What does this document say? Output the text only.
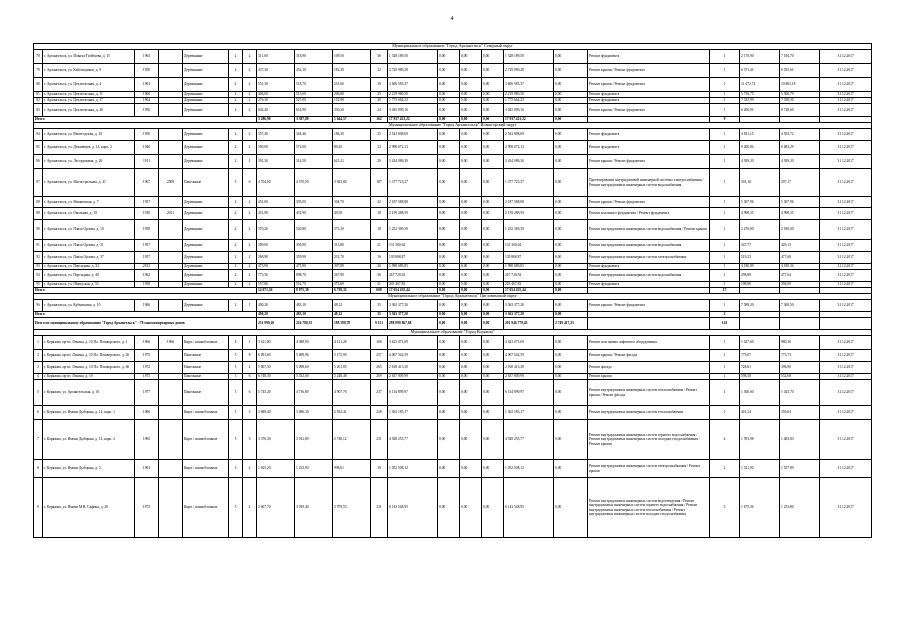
4
Муниципальное образование "Город Архангельск" Северный округ																					
78	г. Архангельск, ул. Ильича/Гуайтьева, д. 15	1963		Деревянные	2	2	311,00	318,90	109,50	36	1 328 189,50	0,00	0,00	0,00	1 328 189,50	0,00	Ремонт фундамента	1	2 170,90	7 184,70	31.12.2017
79	г. Архангельск, ул. Кабельщиков, д. 9	1950		Деревянные	2	2	437,30	452,10	182,30	22	2 729 989,28	0,00	0,00	0,00	2 729 989,28	0,00	Ремонт крыши / Ремонт фундамента	1	6 371,41	6 035,61	31.12.2017
80	г. Архангельск, ул. Целлюлозная, д. 4	1963		Деревянные	2	2	551,30	518,70	231,60	19	3 606 583,37	0,00	0,00	0,00	3 606 583,37	0,00	Ремонт крыши / Ремонт фундамента	1	11 472,74	10 865,18	31.12.2017
81	г. Архангельск, ул. Целлюлозная, д. 11	1960		Деревянные	2	2	406,60	515,60	206,80	25	2 219 980,50	0,00	0,00	0,00	2 219 980,50	0,00	Ремонт фундамента	1	5 736,75	5 306,79	31.12.2017
82	г. Архангельск, ул. Целлюлозная, д. 17	1964		Деревянные	2	2	276,30	527,00	152,80	20	1 775 664,23	0,00	0,00	0,00	1 775 664,23	0,00	Ремонт фундамента	1	7 335,99	7 358,30	31.12.2017
83	г. Архангельск, ул. Целлюлозная, д. 26	1956		Деревянные	2	2	602,40	614,90	330,20	24	3 045 099,16	0,00	0,00	0,00	3 045 099,16	0,00	Ремонт крыши / Ремонт фундамента	1	6 200,01	8 728,60	31.12.2017
Итого							3 286,90	3 387,80	1 644,57	162	17 937 421,22	0,00	0,00	0,00	17 937 421,22	0,00		9			
Муниципальное образование "Город Архангельск" Исакогорский округ																					
84	г. Архангельск, ул. Вычегодская, д. 18	1950		Деревянные	2	2	357,40	344,46	186,30	25	2 543 808,69	0,00	0,00	0,00	2 543 808,69	0,00	Ремонт фундамента	1	4 821,15	4 593,72	31.12.2017
85	г. Архангельск, ул. Дежнёвцев, д. 14, корп. 2	1940		Деревянные	2	2	590,00	572,00	89,20	23	2 998 072,13	0,00	0,00	0,00	2 998 072,13	0,00	Ремонт фундамента	1	9 200,84	6 683,29	31.12.2017
86	г. Архангельск, ул. Лесорумовая, д. 26	1911		Деревянные	2	1	391,30	314,50	621,21	20	3 434 086,30	0,00	0,00	0,00	3 434 086,30	0,00	Ремонт крыши / Ремонт фундамента	1	4 939,20	4 939,20	31.12.2017
87	г. Архангельск, ул. Магистральная, д. 41	1967	2009	Панельные	5	6	4 704,00	4 370,50	3 943,80	187	1 377 723,37	0,00	0,00	0,00	1 377 723,37	0,00	Проектирование внутридомовой инженерной системы электроснабжения / Ремонт внутридомовых инженерных систем водоснабжения	1	301,16	297,17	31.12.2017
88	г. Архангельск, ул. Маяковская, д. 7	1957		Деревянные	2	2	431,00	395,00	304,70	32	2 187 588,88	0,00	0,00	0,00	2 187 588,88	0,00	Ремонт крыши / Ремонт фундамента	1	5 307,96	5 307,96	31.12.2017
89	г. Архангельск, ул. Окольная, д. 19	1916	2011	Деревянные	2	2	431,98	431,90	49,50	18	2 159 288,59	0,00	0,00	0,00	2 159 288,59	0,00	Ремонт колонного фундамента / Ремонт фундамента	1	4 998,35	4 998,35	31.12.2017
90	г. Архангельск, ул. Павла Орлова, д. 10	1958		Деревянные	2	2	370,26	520,80	371,30	18	1 252 369,39	0,00	0,00	0,00	1 252 369,39	0,00	Ремонт внутридомовых инженерных систем водоснабжения / Ремонт крыши	1	2 470,00	2 930,00	31.12.2017
91	г. Архангельск, ул. Павла Орлова, д. 31	1957		Деревянные	2	2	309,00	305,00	313,80	21	131 300,64	0,00	0,00	0,00	131 300,64	0,00	Ремонт внутридомовых инженерных систем водоснабжения	1	347,77	429,13	31.12.2017
92	г. Архангельск, ул. Павла Орлова, д. 37	1957		Деревянные	2	2	268,98	359,98	231,70	16	139 868,87	0,00	0,00	0,00	139 868,87	0,00	Ремонт внутридомовых инженерных систем электроснабжения	1	519,23	477,68	31.12.2017
93	г. Архангельск, ул. Персидная, д. 33	2013		Деревянные	2	2	475,90	475,90	397,89	26	1 998 689,85	0,00	0,00	0,00	1 998 689,85	0,00	Ремонт фундамента	1	4 180,09	4 180,34	31.12.2017
94	г. Архангельск, ул. Персидная, д. 40	1962		Деревянные	2	2	775,56	898,70	267,90	36	267 720,92	0,00	0,00	0,00	267 720,92	0,00	Ремонт внутридомовых инженерных систем водоснабжения	1	298,88	477,64	31.12.2017
95	г. Архангельск, ул. Шмидская, д. 53	1958		Деревянные	2	2	557,86	552,70	373,60	21	203 467,83	0,00	0,00	0,00	203 467,83	0,00	Ремонт фундамента	1	198,06	394,09	31.12.2017
Итого							14 071,36	8 975,30	6 738,35	608	17 654 435,44	0,00	0,00	0,00	17 654 435,44	0,00		17			
Муниципальное образование "Город Архангельск" Цигломенский округ																					
96	г. Архангельск, ул. Кубышкина, д. 10	1966		Деревянные	2	1	490,20	483,10	48,12	35	3 363 377,20	0,00	0,00	0,00	3 363 377,20	0,00	Ремонт крыши / Ремонт фундамента	1	7 589,20	7 369,50	31.12.2017
Итого							490,20	483,10	48,12	35	3 363 377,20	0,00	0,00	0,00	3 363 377,20	0,00		2			
Итого по муниципальному образованию "Город Архангельск" - 78 многоквартирных домов							231 990,20	224 780,55	188 398,78	9 151	288 090 867,68	0,00	0,00	0,00	201 946 779,45	2 749 417,25		143			
Муниципальное образование "Город Коряжма"																					
1	г. Коряжма, пр-кт. Ленина, д. 10 Пл. Пошворского, д. 1	1966	1966	Кирп./ шлакоблочные	4	1	3 611,00	4 388,90	4 121,26	106	3 623 071,69	0,00	0,00	0,00	3 623 071,69	0,00	Ремонт или замена лифтового оборудования	1	1 027,60	980,16	31.12.2017
2	г. Коряжма, пр-кт. Ленина, д. 10 Пл. Пошворского, д. 26	1975		Панельные	5	8	6 091,60	5 489,96	5 173,09	257	4 067 542,59	0,00	0,00	0,00	4 067 542,59	0,00	Ремонт крыши / Ремонт фасада	1	779,87	773,73	31.12.2017
3	г. Коряжма, пр-кт. Ленина, д. 10 Пл. Пошворского, д. 66	1972		Панельные	5	4	5 867,30	5 098,60	5 201,85	265	2 168 413,30	0,00	0,00	0,00	2 168 413,30	0,00	Ремонт фасада	1	728,61	396,90	31.12.2017
4	г. Коряжма, пр-кт. Ленина, д. 19	1975		Панельные	5	6	6 748,30	5 532,00	5 248,48	269	2 637 809,99	0,00	0,00	0,00	2 637 809,99	0,00	Ремонт крыши	1	598,38	532,68	31.12.2017
5	г. Коряжма, ул. Архангельская, д. 16	1977		Панельные	5	6	5 745,20	4 736,80	4 907,76	237	6 134 899,97	0,00	0,00	0,00	6 134 899,97	0,00	Ремонт внутридомовых инженерных систем теплоснабжения / Ремонт крыши / Ремонт фасада	1	1 300,00	1 025,70	31.12.2017
6	г. Коряжма, ул. Имени Дыбцына, д. 14, корп. 1	1966		Кирп./ шлакоблочные	5	3	3 689,40	3 086,30	2 932,41	228	1 362 183,17	0,00	0,00	0,00	1 362 183,17	0,00	Ремонт внутридомовых инженерных систем теплоснабжения	1	441,24	359,64	31.12.2017
7	г. Коряжма, ул. Имени Дыбцына, д. 14, корп. 2	1965		Кирп./ шлакоблочные	5	3	3 376,30	3 012,80	2 748,12	231	4 928 255,77	0,00	0,00	0,00	4 928 255,77	0,00	Ремонт внутридомовых инженерных систем горячего водоснабжения / Ремонт внутридомовых инженерных систем холодного водоснабжения / Ремонт крыши	4	1 593,98	1 483,83	31.12.2017
8	г. Коряжма, ул. Имени Дыбцына, д. 5	1963		Кирп./ шлакоблочные	3	2	1 625,20	1 233,90	998,61	19	1 052 508,12	0,00	0,00	0,00	1 052 508,12	0,00	Ремонт внутридомовых инженерных систем электроснабжения / Ремонт крыши	2	1 321,00	1 557,89	31.12.2017
9	г. Коряжма, ул. Имени М.В. Сафина, д. 26	1972		Кирп./ шлакоблочные	5	2	3 667,70	3 039,40	2 979,53	231	6 143 548,95	0,00	0,00	0,00	6 143 548,95	0,00	Ремонт внутридомовых инженерных систем водоотведения / Ремонт внутридомовых инженерных систем горячего водоснабжения / Ремонт внутридомовых инженерных систем теплоснабжения / Ремонт внутридомовых инженерных систем холодного водоснабжения	5	1 675,36	1 253,80	31.12.2017
